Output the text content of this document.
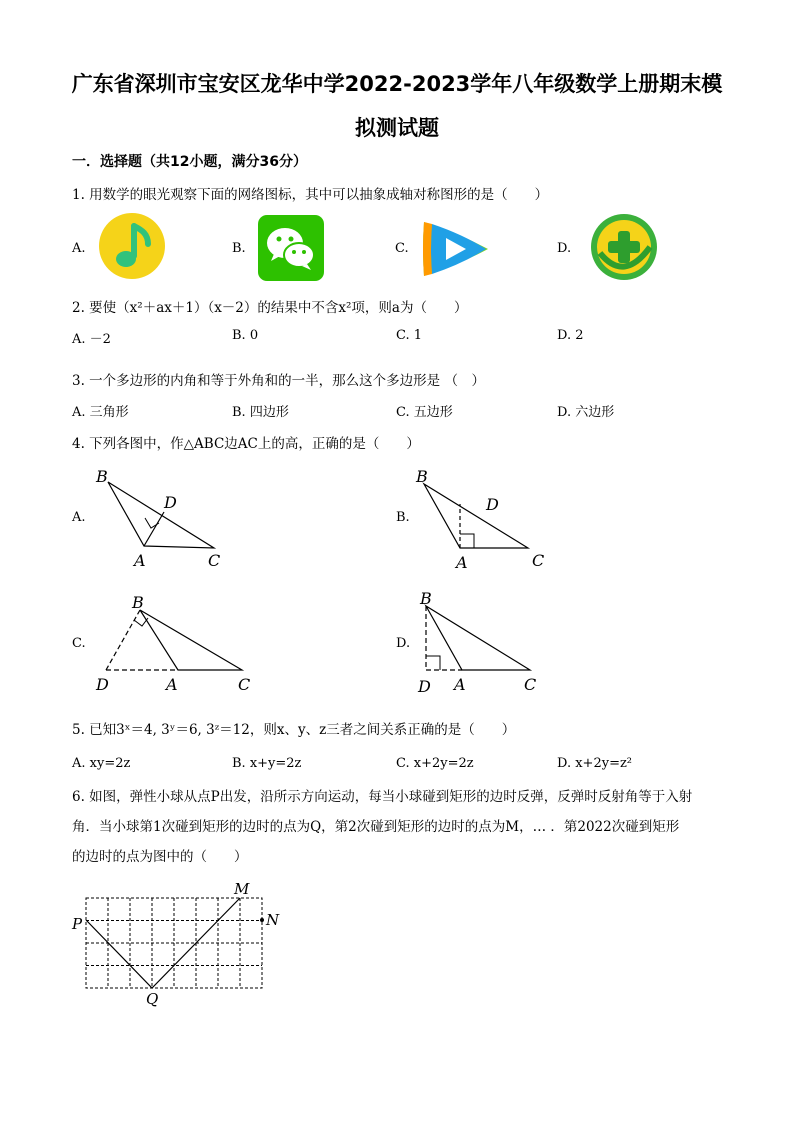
广东省深圳市宝安区龙华中学2022-2023学年八年级数学上册期末模
拟测试题
一．选择题（共12小题，满分36分）
1. 用数学的眼光观察下面的网络图标，其中可以抽象成轴对称图形的是（　　）
A.	B.	C.	D.
2. 要使（x²＋ax＋1）（x－2）的结果中不含x²项，则a为（　　）
A. －2	B. 0	C. 1	D. 2
3. 一个多边形的内角和等于外角和的一半，那么这个多边形是 （　）
A. 三角形	B. 四边形	C. 五边形	D. 六边形
4. 下列各图中，作△ABC边AC上的高，正确的是（　　）
A.
B
D
A	C
B.
B
D
A	C
C.
B
D	A	C
D.
B
D A	C
5. 已知3ˣ＝4, 3ʸ＝6, 3ᶻ＝12，则x、y、z三者之间关系正确的是（　　）
A. xy=2z	B. x+y=2z	C. x+2y=2z	D. x+2y=z²
6. 如图，弹性小球从点P出发，沿所示方向运动，每当小球碰到矩形的边时反弹，反弹时反射角等于入射
角．当小球第1次碰到矩形的边时的点为Q，第2次碰到矩形的边时的点为M，… ．第2022次碰到矩形
的边时的点为图中的（　　）
M
N
P
Q
